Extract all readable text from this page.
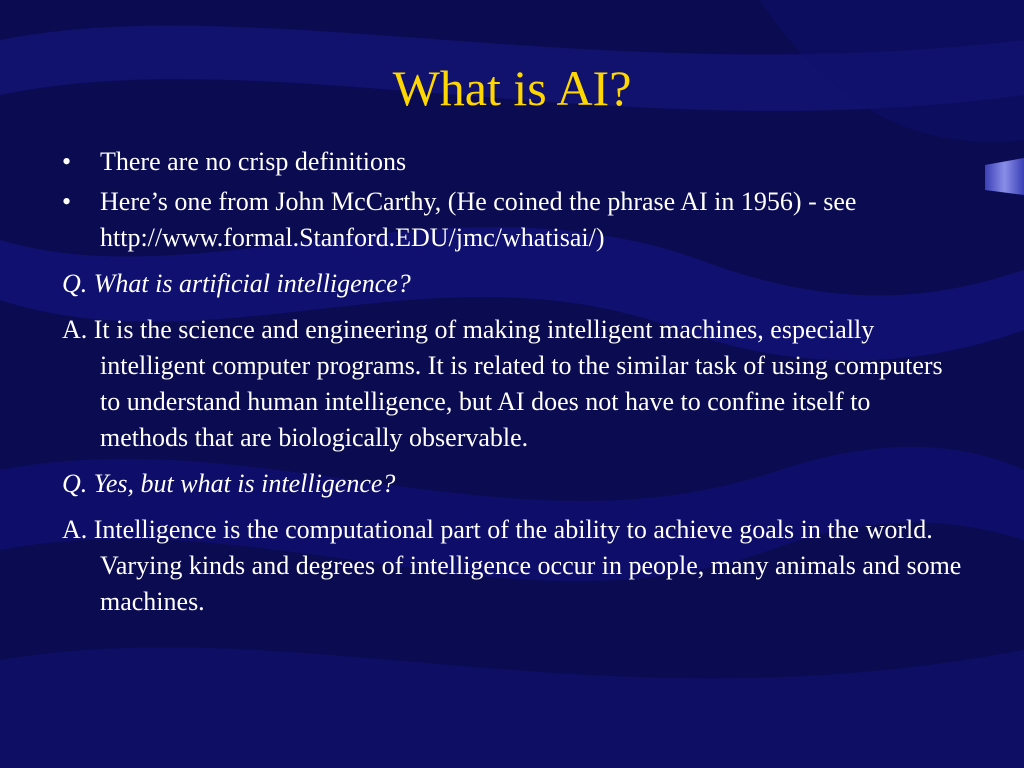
What is AI?
•	There are no crisp definitions
•	Here’s one from John McCarthy, (He coined the phrase AI in 1956) - see http://www.formal.Stanford.EDU/jmc/whatisai/)
Q. What is artificial intelligence?
A. It is the science and engineering of making intelligent machines, especially intelligent computer programs. It is related to the similar task of using computers to understand human intelligence, but AI does not have to confine itself to methods that are biologically observable.
Q. Yes, but what is intelligence?
A. Intelligence is the computational part of the ability to achieve goals in the world. Varying kinds and degrees of intelligence occur in people, many animals and some machines.
